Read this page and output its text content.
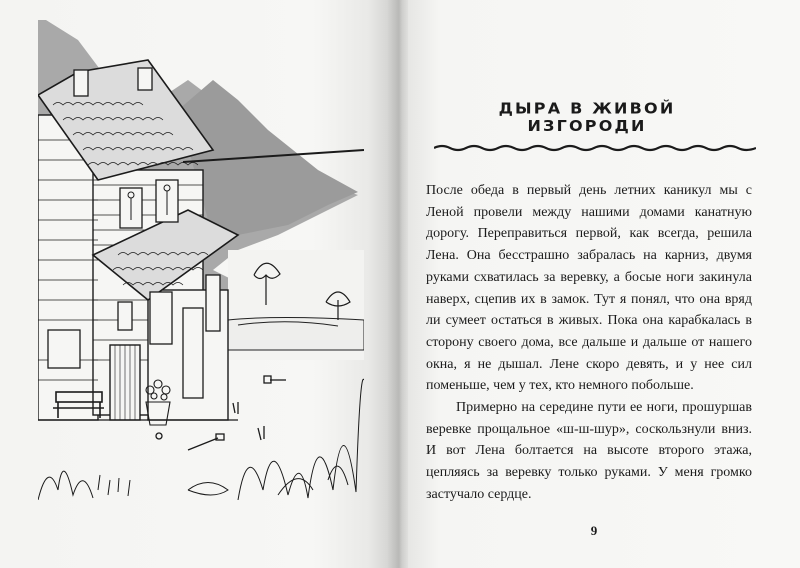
ДЫРА В ЖИВОЙ ИЗГОРОДИ

После обеда в первый день летних каникул мы с Леной провели между нашими домами канатную дорогу. Переправиться первой, как всегда, решила Лена. Она бесстрашно забралась на карниз, двумя руками схватилась за веревку, а босые ноги закинула наверх, сцепив их в замок. Тут я понял, что она вряд ли сумеет остаться в живых. Пока она карабкалась в сторону своего дома, все дальше и дальше от нашего окна, я не дышал. Лене скоро девять, и у нее сил поменьше, чем у тех, кто немного побольше.

Примерно на середине пути ее ноги, прошуршав веревке прощальное «ш-ш-шур», соскользнули вниз. И вот Лена болтается на высоте второго этажа, цепляясь за веревку только руками. У меня громко застучало сердце.

9
